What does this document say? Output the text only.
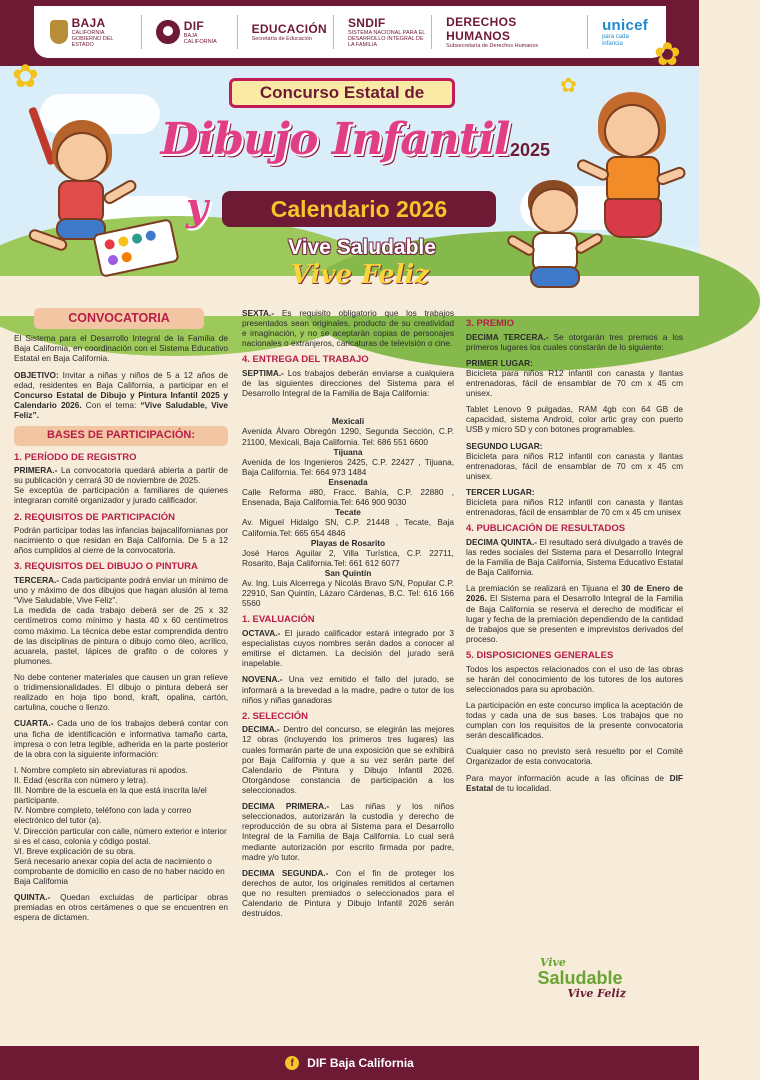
BAJA
CALIFORNIA
GOBIERNO DEL ESTADO
DIF
BAJA CALIFORNIA
EDUCACIÓN
Secretaría de Educación
SNDIF
SISTEMA NACIONAL PARA EL DESARROLLO INTEGRAL DE LA FAMILIA
DERECHOS HUMANOS
Subsecretaría de Derechos Humanos
unicef
para cada infancia
✿
✿
✿
Concurso Estatal de
Dibujo Infantil 2025
y	Calendario 2026
Vive Saludable
Vive Feliz
CONVOCATORIA

El Sistema para el Desarrollo Integral de la Familia de Baja California, en coordinación con el Sistema Educativo Estatal en Baja California.

OBJETIVO: Invitar a niñas y niños de 5 a 12 años de edad, residentes en Baja California, a participar en el Concurso Estatal de Dibujo y Pintura Infantil 2025 y Calendario 2026. Con el tema: “Vive Saludable, Vive Feliz”.

BASES DE PARTICIPACIÓN:
1. PERÍODO DE REGISTRO

PRIMERA.- La convocatoria quedará abierta a partir de su publicación y cerrará 30 de noviembre de 2025.
Se exceptúa de participación a familiares de quienes integraran comité organizador y jurado calificador.

2. REQUISITOS DE PARTICIPACIÓN

Podrán participar todas las infancias bajacalifornianas por nacimiento o que residan en Baja California. De 5 a 12 años cumplidos al cierre de la convocatoria.

3. REQUISITOS DEL DIBUJO O PINTURA

TERCERA.- Cada participante podrá enviar un mínimo de uno y máximo de dos dibujos que hagan alusión al tema “Vive Saludable, Vive Feliz”.
La medida de cada trabajo deberá ser de 25 x 32 centímetros como mínimo y hasta 40 x 60 centímetros como máximo. La técnica debe estar comprendida dentro de las disciplinas de pintura o dibujo como óleo, acrílico, acuarela, pastel, lápices de grafito o de colores y plumones.

No debe contener materiales que causen un gran relieve o tridimensionalidades. El dibujo o pintura deberá ser realizado en hoja tipo bond, kraft, opalina, cartón, cartulina, couche o lienzo.

CUARTA.- Cada uno de los trabajos deberá contar con una ficha de identificación e informativa tamaño carta, impresa o con letra legible, adherida en la parte posterior de la obra con la siguiente información:

I. Nombre completo sin abreviaturas ni apodos.
II. Edad (escrita con número y letra).
III. Nombre de la escuela en la que está inscrita la/el participante.
IV. Nombre completo, teléfono con lada y correo electrónico del tutor (a).
V. Dirección particular con calle, número exterior e interior si es el caso, colonia y código postal.
VI. Breve explicación de su obra.
Será necesario anexar copia del acta de nacimiento o comprobante de domicilio en caso de no haber nacido en Baja California

QUINTA.- Quedan excluidas de participar obras premiadas en otros certámenes o que se encuentren en espera de dictamen.

SEXTA.- Es requisito obligatorio que los trabajos presentados sean originales, producto de su creatividad e imaginación, y no se aceptarán copias de personajes nacionales o extranjeros, caricaturas de televisión o cine.

4. ENTREGA DEL TRABAJO

SEPTIMA.- Los trabajos deberán enviarse a cualquiera de las siguientes direcciones del Sistema para el Desarrollo Integral de la Familia de Baja California:

Mexicali

Avenida Álvaro Obregón 1290, Segunda Sección, C.P. 21100, Mexicali, Baja California. Tel: 686 551 6600

Tijuana

Avenida de los Ingenieros 2425, C.P. 22427 , Tijuana, Baja California. Tel: 664 973 1484

Ensenada

Calle Reforma #80, Fracc. Bahía, C.P. 22880 , Ensenada, Baja California.Tel: 646 900 9030

Tecate

Av. Miguel Hidalgo SN, C.P. 21448 , Tecate, Baja California.Tel: 665 654 4846

Playas de Rosarito

José Haros Aguilar 2, Villa Turística, C.P. 22711, Rosarito, Baja California.Tel: 661 612 6077

San Quintín

Av. Ing. Luis Alcerrega y Nicolás Bravo S/N, Popular C.P. 22910, San Quintín, Lázaro Cárdenas, B.C. Tel: 616 166 5560

1. EVALUACIÓN

OCTAVA.- El jurado calificador estará integrado por 3 especialistas cuyos nombres serán dados a conocer al emitirse el dictamen. La decisión del jurado será inapelable.

NOVENA.- Una vez emitido el fallo del jurado, se informará a la brevedad a la madre, padre o tutor de los niños y niñas ganadoras

2. SELECCIÓN

DECIMA.- Dentro del concurso, se elegirán las mejores 12 obras (incluyendo los primeros tres lugares) las cuales formarán parte de una exposición que se exhibirá por Baja California y que a su vez serán parte del Calendario de Pintura y Dibujo Infantil 2026. Otorgándose constancia de participación a los seleccionados.

DECIMA PRIMERA.- Las niñas y los niños seleccionados, autorizarán la custodia y derecho de reproducción de su obra al Sistema para el Desarrollo Integral de la Familia de Baja California. Lo cual será mediante autorización por escrito firmada por padre, madre y/o tutor.

DECIMA SEGUNDA.- Con el fin de proteger los derechos de autor, los originales remitidos al certamen que no resulten premiados o seleccionados para el Calendario de Pintura y Dibujo Infantil 2026 serán destruidos.

3. PREMIO

DECIMA TERCERA.- Se otorgarán tres premios a los primeros lugares los cuales constarán de lo siguiente:

PRIMER LUGAR:
Bicicleta para niños R12 infantil con canasta y llantas entrenadoras, fácil de ensamblar de 70 cm x 45 cm unisex.

Tablet Lenovo 9 pulgadas, RAM 4gb con 64 GB de capacidad, sistema Android, color artic gray con puerto USB y micro SD y con botones programables.

SEGUNDO LUGAR:
Bicicleta para niños R12 infantil con canasta y llantas entrenadoras, fácil de ensamblar de 70 cm x 45 cm unisex.

TERCER LUGAR:
Bicicleta para niños R12 infantil con canasta y llantas entrenadoras, fácil de ensamblar de 70 cm x 45 cm unisex

4. PUBLICACIÓN DE RESULTADOS

DECIMA QUINTA.- El resultado será divulgado a través de las redes sociales del Sistema para el Desarrollo Integral de la Familia de Baja California, Sistema Educativo Estatal de Baja California.

La premiación se realizará en Tijuana el 30 de Enero de 2026. El Sistema para el Desarrollo Integral de la Familia de Baja California se reserva el derecho de modificar el lugar y fecha de la premiación dependiendo de la cantidad de trabajos que se presenten e imprevistos derivados del proceso.

5. DISPOSICIONES GENERALES

Todos los aspectos relacionados con el uso de las obras se harán del conocimiento de los tutores de los autores seleccionados para su aprobación.

La participación en este concurso implica la aceptación de todas y cada una de sus bases. Los trabajos que no cumplan con los requisitos de la presente convocatoria serán descalificados.

Cualquier caso no previsto será resuelto por el Comité Organizador de esta convocatoria.

Para mayor información acude a las oficinas de DIF Estatal de tu localidad.

Vive
Saludable
Vive Feliz
f	DIF Baja California
